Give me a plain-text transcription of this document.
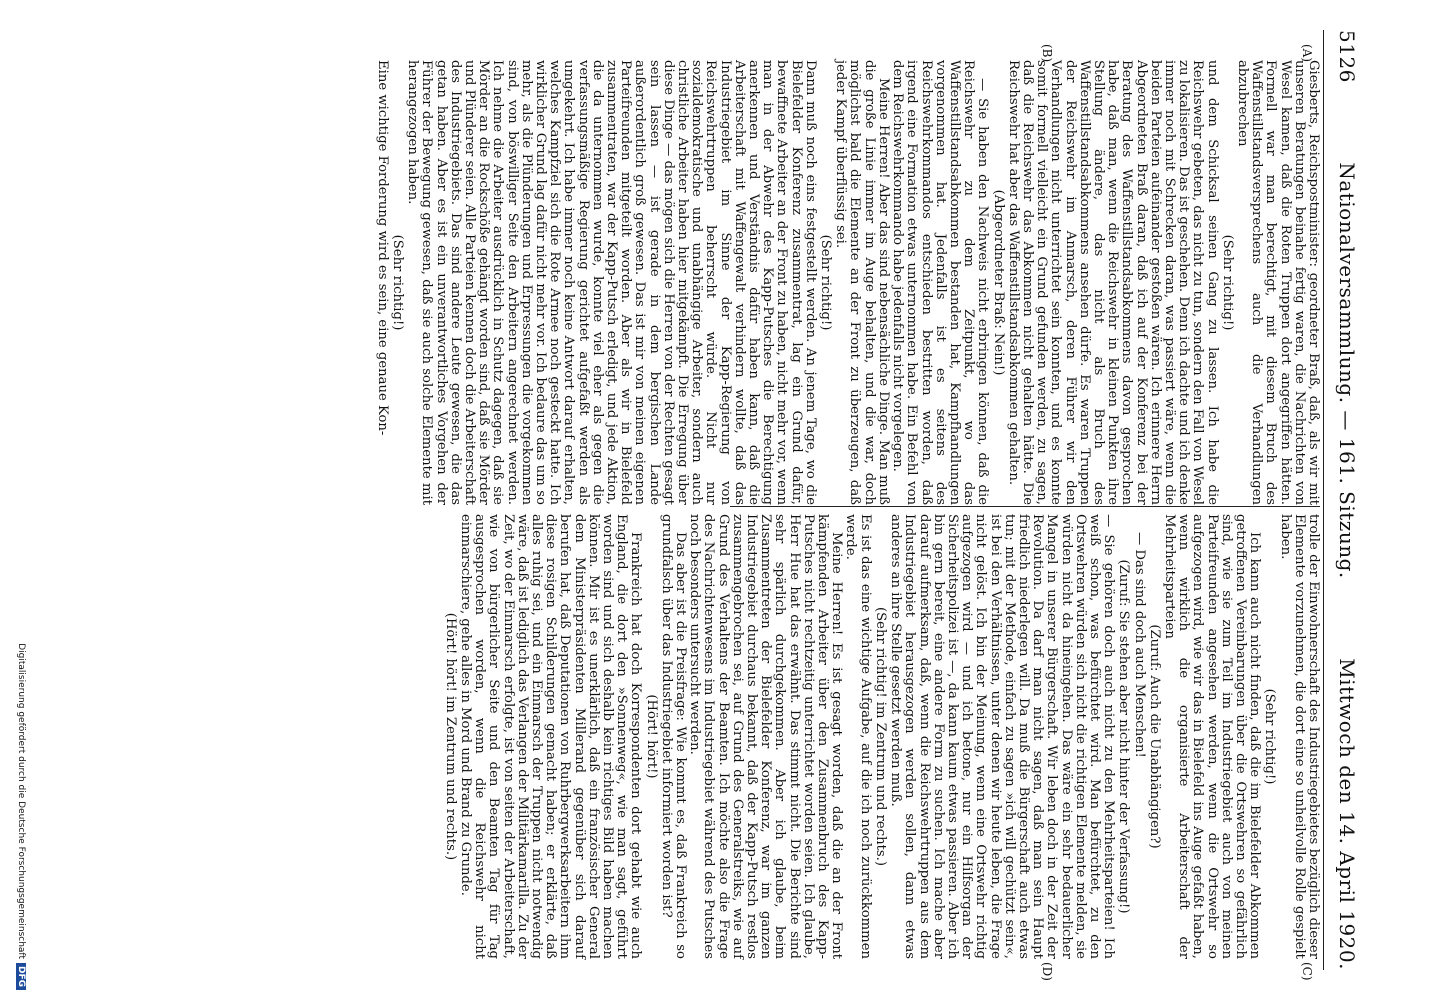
5126
Nationalversammlung. — 161. Sitzung.
Mittwoch den 14. April 1920.
(A)
(B)
(C)
(D)

Giesberts, Reichspostminister: geordneter Braß, daß, als wir mit unseren Beratungen beinahe fertig waren, die Nachrichten von Wesel kamen, daß die Roten Truppen dort angegriffen hätten. Formell war man berechtigt, mit diesem Bruch des Waffenstillstandsversprechens auch die Verhandlungen abzubrechen

(Sehr richtig!)

und dem Schicksal seinen Gang zu lassen. Ich habe die Reichswehr gebeten, das nicht zu tun, sondern den Fall von Wesel zu lokalisieren. Das ist geschehen. Denn ich dachte und ich denke immer noch mit Schrecken daran, was passiert wäre, wenn die beiden Parteien aufeinander gestoßen wären. Ich erinnere Herrn Abgeordneten Braß daran, daß ich auf der Konferenz bei der Beratung des Waffenstillstandsabkommens davon gesprochen habe, daß man, wenn die Reichswehr in kleinen Punkten ihre Stellung ändere, das nicht als Bruch des Waffenstillstandsabkommens ansehen dürfe. Es waren Truppen der Reichswehr im Anmarsch, deren Führer wir den Verhandlungen nicht unterrichtet sein konnten, und es konnte somit formell vielleicht ein Grund gefunden werden, zu sagen, daß die Reichswehr das Abkommen nicht gehalten hätte. Die Reichswehr hat aber das Waffenstillstandsabkommen gehalten.

(Abgeordneter Braß: Nein!)

— Sie haben den Nachweis nicht erbringen können, daß die Reichswehr zu dem Zeitpunkt, wo das Waffenstillstandsabkommen bestanden hat, Kampfhandlungen vorgenommen hat. Jedenfalls ist es seitens des Reichswehrkommandos entschieden bestritten worden, daß irgend eine Formation etwas unternommen habe. Ein Befehl von dem Reichswehrkommando habe jedenfalls nicht vorgelegen.

Meine Herren! Aber das sind nebensächliche Dinge. Man muß die große Linie immer im Auge behalten, und die war, doch möglichst bald die Elemente an der Front zu überzeugen, daß jeder Kampf überflüssig sei.

(Sehr richtig!)

Dann muß noch eins festgestellt werden. An jenem Tage, wo die Bielefelder Konferenz zusammentrat, lag ein Grund dafür, bewaffnete Arbeiter an der Front zu haben, nicht mehr vor, wenn man in der Abwehr des Kapp-Putsches die Berechtigung anerkennen und Verständnis dafür haben kann, daß die Arbeiterschaft mit Waffengewalt verhindern wollte, daß das Industriegebiet im Sinne der Kapp-Regierung von Reichswehrtruppen beherrscht würde. Nicht nur sozialdemokratische und unabhängige Arbeiter, sondern auch christliche Arbeiter haben hier mitgekämpft. Die Erregung über diese Dinge — das mögen sich die Herren von der Rechten gesagt sein lassen — ist gerade in dem bergischen Lande außerordentlich groß gewesen. Das ist mir von meinen eigenen Parteifreunden mitgeteilt worden. Aber als wir in Bielefeld zusammentraten, war der Kapp-Putsch erledigt, und jede Aktion, die da unternommen wurde, konnte viel eher als gegen die verfassungsmäßige Regierung gerichtet aufgefaßt werden als umgekehrt. Ich habe immer noch keine Antwort darauf erhalten, welches Kampfziel sich die Rote Armee noch gesteckt hatte. Ich wirklicher Grund lag dafür nicht mehr vor. Ich bedaure das um so mehr, als die Plünderungen und Erpressungen die vorgekommen sind, von böswilliger Seite den Arbeitern angerechnet werden. Ich nehme die Arbeiter ausdrücklich in Schutz dagegen, daß sie Mörder an die Rockschöße gehängt worden sind, daß sie Mörder und Plünderer seien. Alle Parteien kennen doch die Arbeiterschaft des Industriegebiets. Das sind andere Leute gewesen, die das getan haben. Aber es ist ein unverantwortliches Vorgehen der Führer der Bewegung gewesen, daß sie auch solche Elemente mit herangezogen haben.

(Sehr richtig!)

Eine wichtige Forderung wird es sein, eine genaue Kon-

trolle der Einwohnerschaft des Industriegebietes bezüglich dieser Elemente vorzunehmen, die dort eine so unheilvolle Rolle gespielt haben.

(Sehr richtig!)

Ich kann auch nicht finden, daß die im Bielefelder Abkommen getroffenen Vereinbarungen über die Ortswehren so gefährlich sind, wie sie zum Teil im Industriegebiet auch von meinen Parteifreunden angesehen werden, wenn die Ortswehr so aufgezogen wird, wie wir das in Bielefeld ins Auge gefaßt haben, wenn wirklich die organisierte Arbeiterschaft der Mehrheitsparteien

(Zuruf: Auch die Unabhängigen?)

— Das sind doch auch Menschen!

(Zuruf: Sie stehen aber nicht hinter der Verfassung!)

— Sie gehören doch auch nicht zu den Mehrheitsparteien! Ich weiß schon, was befürchtet wird. Man befürchtet, zu den Ortswehren würden sich nicht die richtigen Elemente melden, sie würden nicht da hineingehen. Das wäre ein sehr bedauerlicher Mangel in unserer Bürgerschaft. Wir leben doch in der Zeit der Revolution. Da darf man nicht sagen, daß man sein Haupt friedlich niederlegen will. Da muß die Bürgerschaft auch etwas tun; mit der Methode, einfach zu sagen »ich will gechützt sein«, ist bei den Verhältnissen, unter denen wir heute leben, die Frage nicht gelöst. Ich bin der Meinung, wenn eine Ortswehr richtig aufgezogen wird — und ich betone, nur ein Hilfsorgan der Sicherheitspolizei ist —, da kann kaum etwas passieren. Aber ich bin gern bereit, eine andere Form zu suchen. Ich mache aber darauf aufmerksam, daß, wenn die Reichswehrtruppen aus dem Industriegebiet herausgezogen werden sollen, dann etwas anderes an ihre Stelle gesetzt werden muß.

(Sehr richtig! im Zentrum und rechts.)

Es ist das eine wichtige Aufgabe, auf die ich noch zurückkommen werde.

Meine Herren! Es ist gesagt worden, daß die an der Front kämpfenden Arbeiter über den Zusammenbruch des Kapp-Putsches nicht rechtzeitig unterrichtet worden seien. Ich glaube, Herr Hue hat das erwähnt. Das stimmt nicht. Die Berichte sind sehr spärlich durchgekommen. Aber ich glaube, beim Zusammentreten der Bielefelder Konferenz, war im ganzen Industriegebiet durchaus bekannt, daß der Kapp-Putsch restlos zusammengebrochen sei, auf Grund des Generalstreiks, wie auf Grund des Verhaltens der Beamten. Ich möchte also die Frage des Nachrichtenwesens im Industriegebiet während des Putsches noch besonders untersucht werden.

Das aber ist die Preisfrage: Wie kommt es, daß Frankreich so grundfalsch über das Industriegebiet informiert worden ist?

(Hört! hört!)

Frankreich hat doch Korrespondenten dort gehabt wie auch England, die dort den »Sonnenweg«, wie man sagt, geführt worden sind und sich deshalb kein richtiges Bild haben machen können. Mir ist es unerklärlich, daß ein französischer General dem Ministerpräsidenten Millerand gegenüber sich darauf berufen hat, daß Deputationen von Ruhrbergwerksarbeitern ihm diese rosigen Schilderungen gemacht haben; er erklärte, daß alles ruhig sei, und ein Einmarsch der Truppen nicht notwendig wäre, daß ist lediglich das Verlangen der Militärkamarilla. Zu der Zeit, wo der Einmarsch erfolgte, ist von seiten der Arbeiterschaft, wie von bürgerlicher Seite und den Beamten Tag für Tag ausgesprochen worden, wenn die Reichswehr nicht einmarschiere, gehe alles in Mord und Brand zu Grunde.

(Hört! hört! im Zentrum und rechts.)

Digitalisierung gefördert durch die Deutsche ForschungsgemeinschaftDFG
